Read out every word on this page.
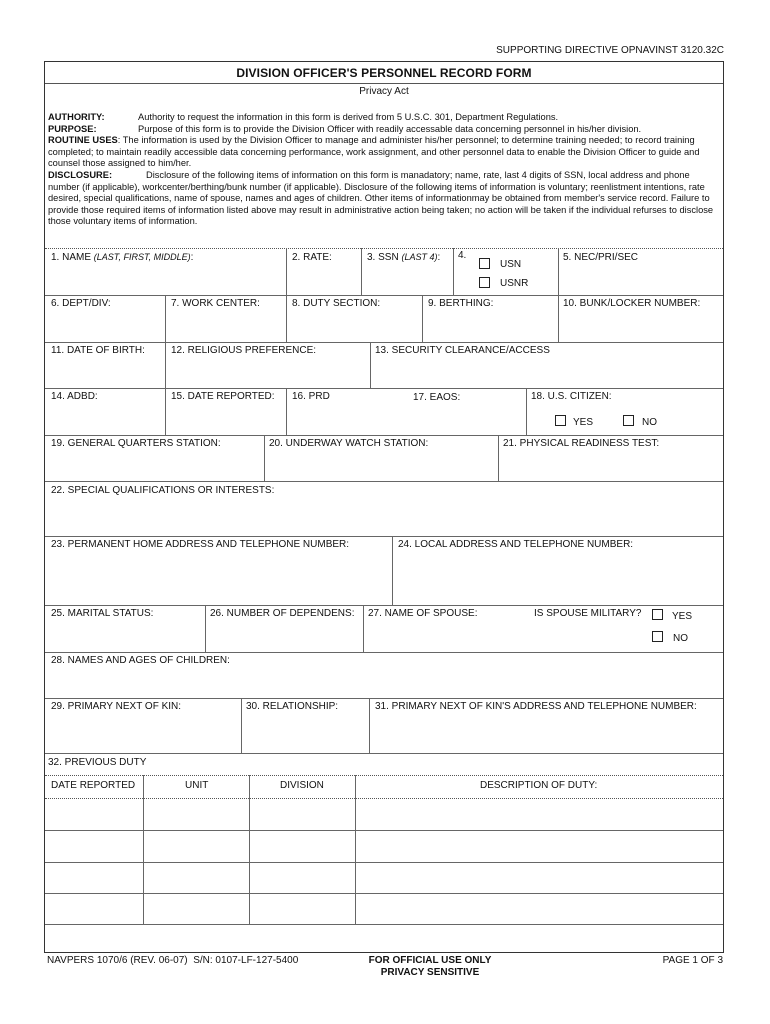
SUPPORTING DIRECTIVE OPNAVINST 3120.32C
DIVISION OFFICER'S PERSONNEL RECORD FORM
Privacy Act
AUTHORITY:	Authority to request the information in this form is derived from 5 U.S.C. 301, Department Regulations.
PURPOSE:	Purpose of this form is to provide the Division Officer with readily accessable data concerning personnel in his/her division.
ROUTINE USES: The information is used by the Division Officer to manage and administer his/her personnel; to determine training needed; to record training completed; to maintain readily accessible data concerning performance, work assignment, and other personnel data to enable the Division Officer to guide and counsel those assigned to him/her.
DISCLOSURE:	Disclosure of the following items of information on this form is manadatory; name, rate, last 4 digits of SSN, local address and phone number (if applicable), workcenter/berthing/bunk number (if applicable). Disclosure of the following items of information is voluntary; reenlistment intentions, rate desired, special qualifications, name of spouse, names and ages of children. Other items of informationmay be obtained from member's service record. Failure to provide those required items of information listed above may result in administrative action being taken; no action will be taken if the individual refurses to disclose those voluntary items of information.
1. NAME (LAST, FIRST, MIDDLE):	2. RATE:	3. SSN (LAST 4): 4.
USN
USNR
5. NEC/PRI/SEC
6. DEPT/DIV:	7. WORK CENTER:	8. DUTY SECTION:	9. BERTHING:	10. BUNK/LOCKER NUMBER:
11. DATE OF BIRTH:	12. RELIGIOUS PREFERENCE:	13. SECURITY CLEARANCE/ACCESS
14. ADBD:	15. DATE REPORTED: 16. PRD	17. EAOS:	18. U.S. CITIZEN:
YES	NO
19. GENERAL QUARTERS STATION:	20. UNDERWAY WATCH STATION:	21. PHYSICAL READINESS TEST:
22. SPECIAL QUALIFICATIONS OR INTERESTS:
23. PERMANENT HOME ADDRESS AND TELEPHONE NUMBER:	24. LOCAL ADDRESS AND TELEPHONE NUMBER:
25. MARITAL STATUS:	26. NUMBER OF DEPENDENS: 27. NAME OF SPOUSE:	IS SPOUSE MILITARY?	YES
NO
28. NAMES AND AGES OF CHILDREN:
29. PRIMARY NEXT OF KIN:	30. RELATIONSHIP:	31. PRIMARY NEXT OF KIN'S ADDRESS AND TELEPHONE NUMBER:
32. PREVIOUS DUTY
DATE REPORTED	UNIT	DIVISION	DESCRIPTION OF DUTY:
NAVPERS 1070/6 (REV. 06-07) S/N: 0107-LF-127-5400	FOR OFFICIAL USE ONLY
PRIVACY SENSITIVE
PAGE 1 OF 3
